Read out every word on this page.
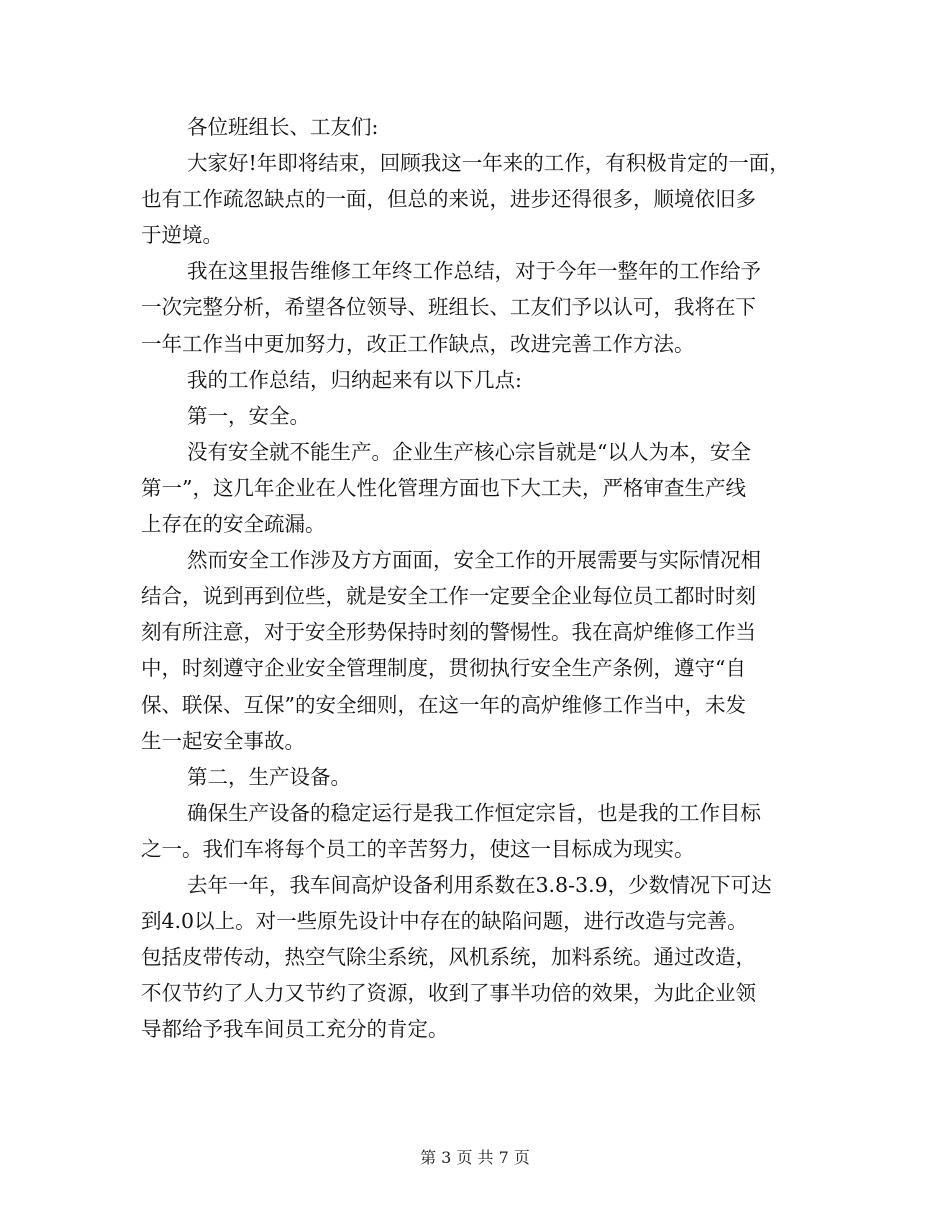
各位班组长、工友们:
大家好!年即将结束，回顾我这一年来的工作，有积极肯定的一面，
也有工作疏忽缺点的一面，但总的来说，进步还得很多，顺境依旧多
于逆境。
我在这里报告维修工年终工作总结，对于今年一整年的工作给予
一次完整分析，希望各位领导、班组长、工友们予以认可，我将在下
一年工作当中更加努力，改正工作缺点，改进完善工作方法。
我的工作总结，归纳起来有以下几点:
第一，安全。
没有安全就不能生产。企业生产核心宗旨就是“以人为本，安全
第一”，这几年企业在人性化管理方面也下大工夫，严格审查生产线
上存在的安全疏漏。
然而安全工作涉及方方面面，安全工作的开展需要与实际情况相
结合，说到再到位些，就是安全工作一定要全企业每位员工都时时刻
刻有所注意，对于安全形势保持时刻的警惕性。我在高炉维修工作当
中，时刻遵守企业安全管理制度，贯彻执行安全生产条例，遵守“自
保、联保、互保”的安全细则，在这一年的高炉维修工作当中，未发
生一起安全事故。
第二，生产设备。
确保生产设备的稳定运行是我工作恒定宗旨，也是我的工作目标
之一。我们车将每个员工的辛苦努力，使这一目标成为现实。
去年一年，我车间高炉设备利用系数在3.8-3.9，少数情况下可达
到4.0以上。对一些原先设计中存在的缺陷问题，进行改造与完善。
包括皮带传动，热空气除尘系统，风机系统，加料系统。通过改造，
不仅节约了人力又节约了资源，收到了事半功倍的效果，为此企业领
导都给予我车间员工充分的肯定。
第 3 页 共 7 页
